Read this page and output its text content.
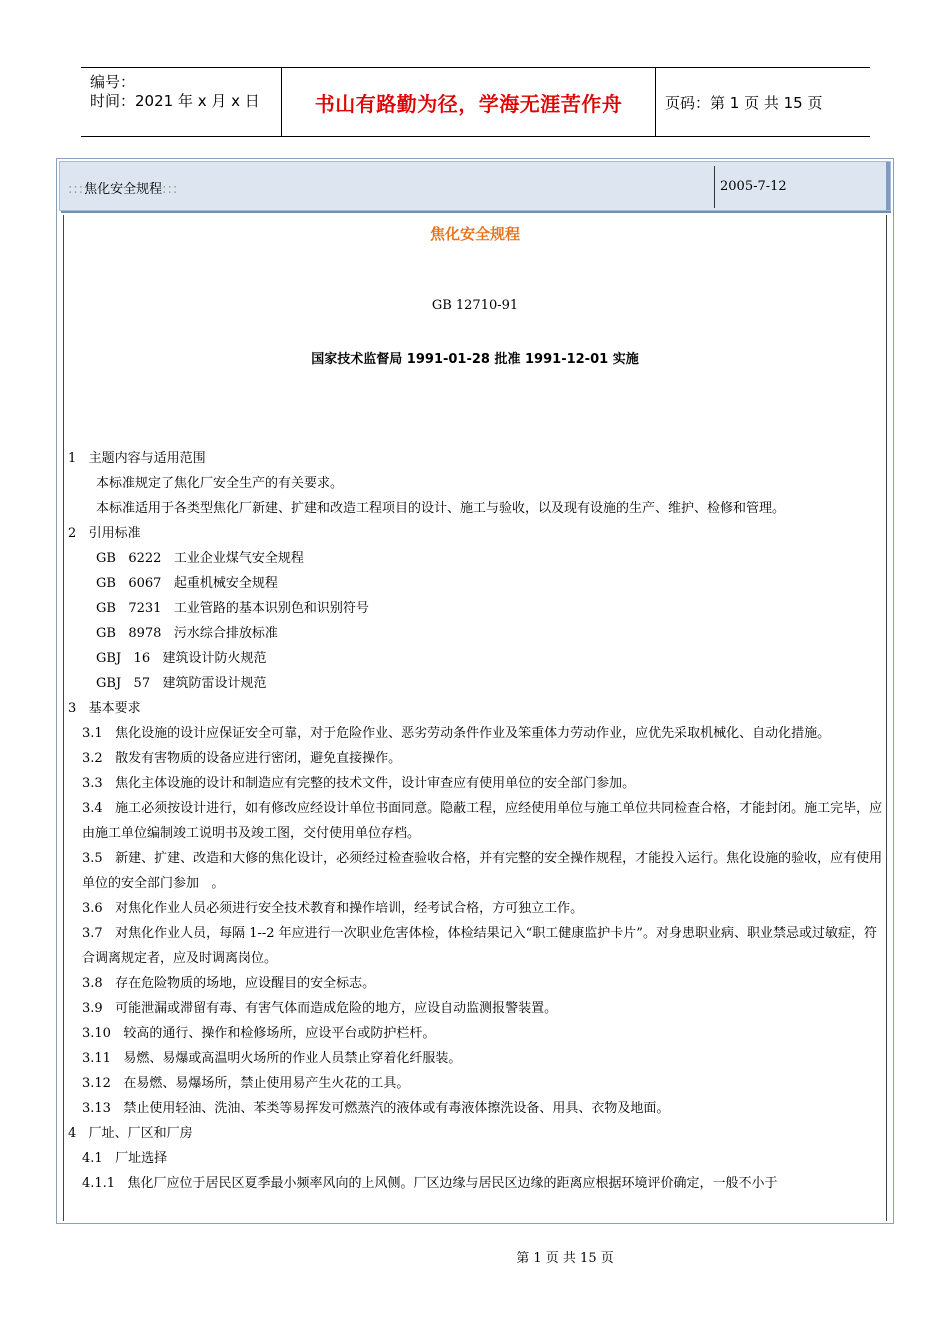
编号：
时间：2021 年 x 月 x 日	书山有路勤为径，学海无涯苦作舟	页码：第 1 页 共 15 页
:::焦化安全规程:::	2005-7-12
焦化安全规程
GB 12710-91
国家技术监督局 1991-01-28 批准 1991-12-01 实施

1   主题内容与适用范围

本标准规定了焦化厂安全生产的有关要求。

本标准适用于各类型焦化厂新建、扩建和改造工程项目的设计、施工与验收，以及现有设施的生产、维护、检修和管理。

2   引用标准

GB   6222   工业企业煤气安全规程

GB   6067   起重机械安全规程

GB   7231   工业管路的基本识别色和识别符号

GB   8978   污水综合排放标准

GBJ   16   建筑设计防火规范

GBJ   57   建筑防雷设计规范

3   基本要求

3.1   焦化设施的设计应保证安全可靠，对于危险作业、恶劣劳动条件作业及笨重体力劳动作业，应优先采取机械化、自动化措施。

3.2   散发有害物质的设备应进行密闭，避免直接操作。

3.3   焦化主体设施的设计和制造应有完整的技术文件，设计审查应有使用单位的安全部门参加。

3.4   施工必须按设计进行，如有修改应经设计单位书面同意。隐蔽工程，应经使用单位与施工单位共同检查合格，才能封闭。施工完毕，应由施工单位编制竣工说明书及竣工图，交付使用单位存档。

3.5   新建、扩建、改造和大修的焦化设计，必须经过检查验收合格，并有完整的安全操作规程，才能投入运行。焦化设施的验收，应有使用单位的安全部门参加   。

3.6   对焦化作业人员必须进行安全技术教育和操作培训，经考试合格，方可独立工作。

3.7   对焦化作业人员，每隔 1--2 年应进行一次职业危害体检，体检结果记入“职工健康监护卡片”。对身患职业病、职业禁忌或过敏症，符合调离规定者，应及时调离岗位。

3.8   存在危险物质的场地，应设醒目的安全标志。

3.9   可能泄漏或滞留有毒、有害气体而造成危险的地方，应设自动监测报警装置。

3.10   较高的通行、操作和检修场所，应设平台或防护栏杆。

3.11   易燃、易爆或高温明火场所的作业人员禁止穿着化纤服装。

3.12   在易燃、易爆场所，禁止使用易产生火花的工具。

3.13   禁止使用轻油、洗油、苯类等易挥发可燃蒸汽的液体或有毒液体擦洗设备、用具、衣物及地面。

4   厂址、厂区和厂房

4.1   厂址选择

4.1.1   焦化厂应位于居民区夏季最小频率风向的上风侧。厂区边缘与居民区边缘的距离应根据环境评价确定，一般不小于

第 1 页 共 15 页
